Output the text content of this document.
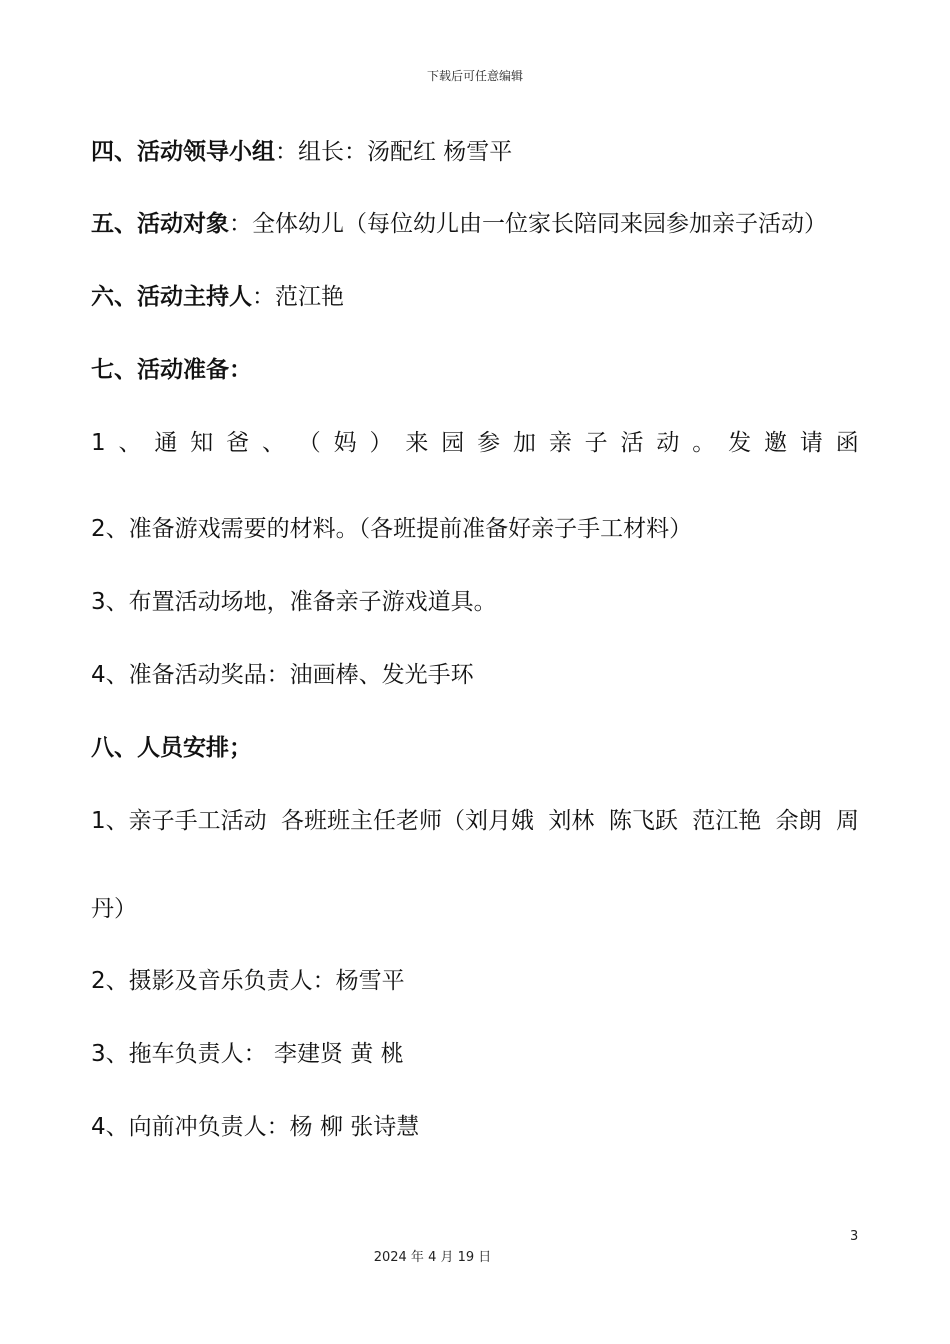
下载后可任意编辑
四、活动领导小组：组长：汤配红 杨雪平
五、活动对象：全体幼儿（每位幼儿由一位家长陪同来园参加亲子活动）
六、活动主持人：范江艳
七、活动准备：
1 、 通 知 爸 、 （ 妈 ） 来 园 参 加 亲 子 活 动 。 发 邀 请 函
2、准备游戏需要的材料。（各班提前准备好亲子手工材料）
3、布置活动场地，准备亲子游戏道具。
4、准备活动奖品：油画棒、发光手环
八、人员安排；
1、亲子手工活动 各班班主任老师（刘月娥 刘林 陈飞跃 范江艳 余朗 周
丹）
2、摄影及音乐负责人：杨雪平
3、拖车负责人： 李建贤 黄 桃
4、向前冲负责人：杨 柳 张诗慧
3
2024 年 4 月 19 日
